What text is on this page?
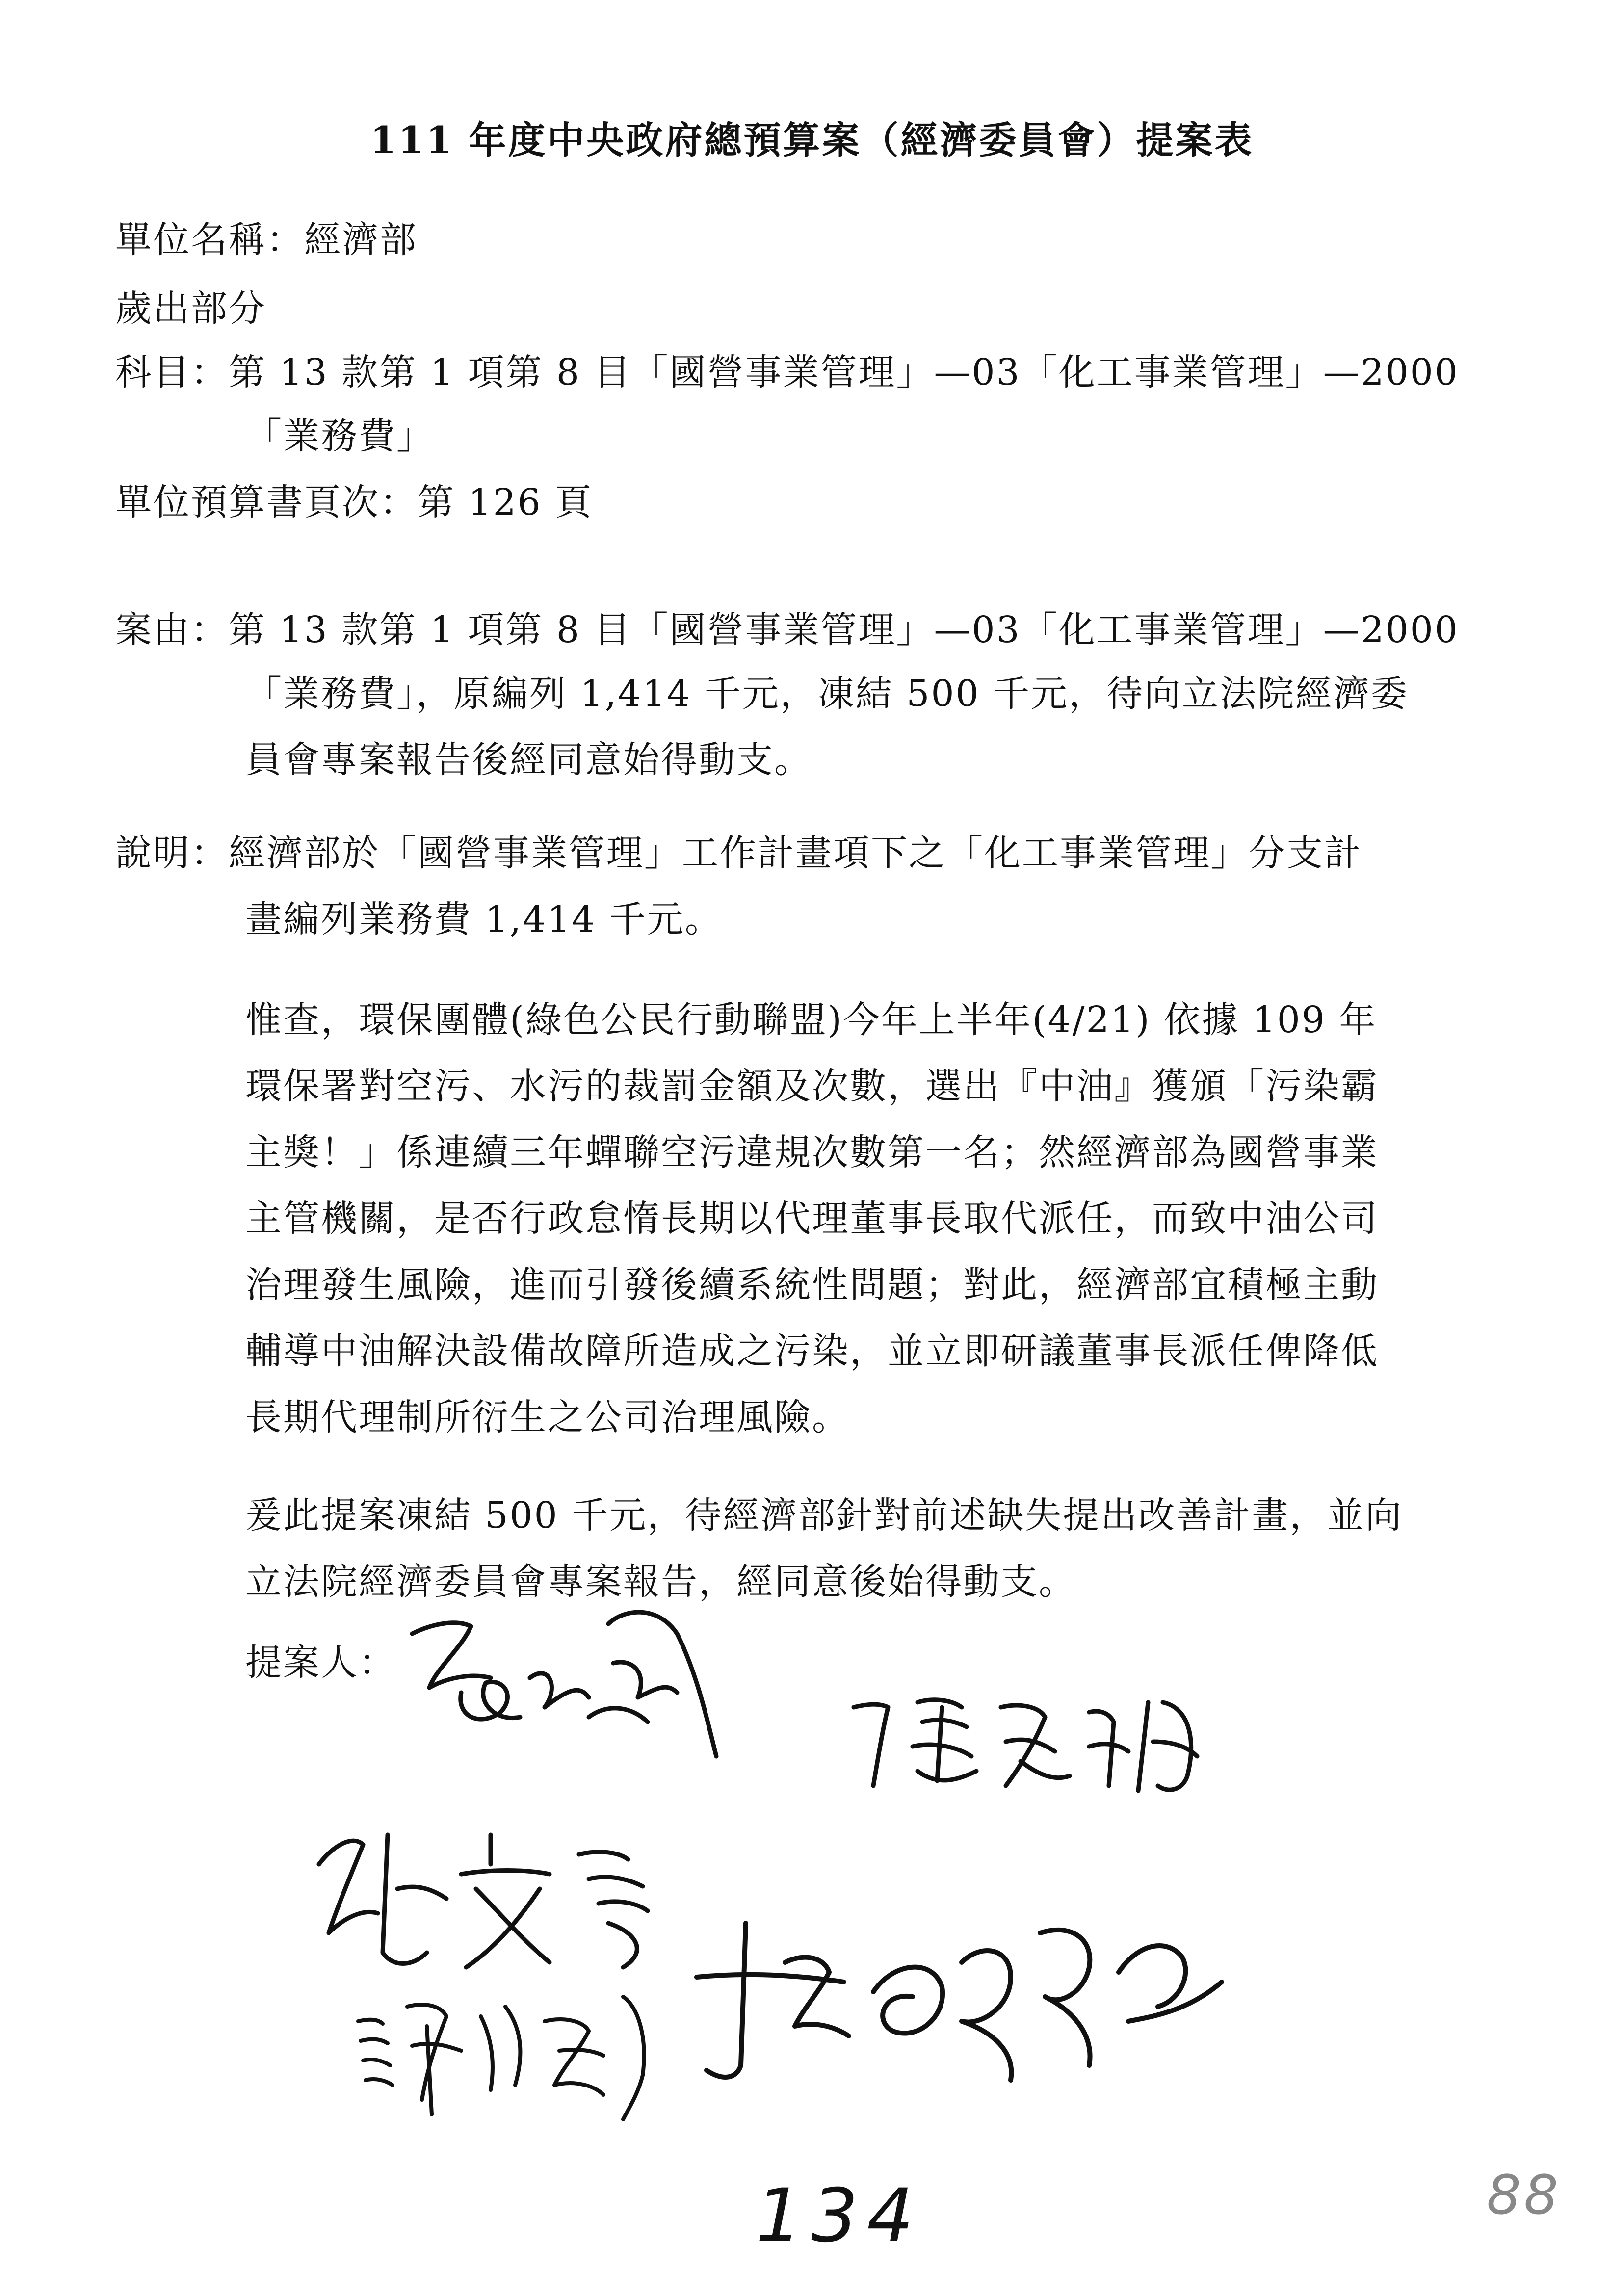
111 年度中央政府總預算案（經濟委員會）提案表
單位名稱：經濟部
歲出部分
科目：第 13 款第 1 項第 8 目「國營事業管理」—03「化工事業管理」—2000
「業務費」
單位預算書頁次：第 126 頁
案由：第 13 款第 1 項第 8 目「國營事業管理」—03「化工事業管理」—2000
「業務費」，原編列 1,414 千元，凍結 500 千元，待向立法院經濟委
員會專案報告後經同意始得動支。
說明：經濟部於「國營事業管理」工作計畫項下之「化工事業管理」分支計
畫編列業務費 1,414 千元。
惟查，環保團體(綠色公民行動聯盟)今年上半年(4/21) 依據 109 年
環保署對空污、水污的裁罰金額及次數，選出『中油』獲頒「污染霸
主獎！」係連續三年蟬聯空污違規次數第一名；然經濟部為國營事業
主管機關，是否行政怠惰長期以代理董事長取代派任，而致中油公司
治理發生風險，進而引發後續系統性問題；對此，經濟部宜積極主動
輔導中油解決設備故障所造成之污染，並立即研議董事長派任俾降低
長期代理制所衍生之公司治理風險。
爰此提案凍結 500 千元，待經濟部針對前述缺失提出改善計畫，並向
立法院經濟委員會專案報告，經同意後始得動支。
提案人：
134	88
